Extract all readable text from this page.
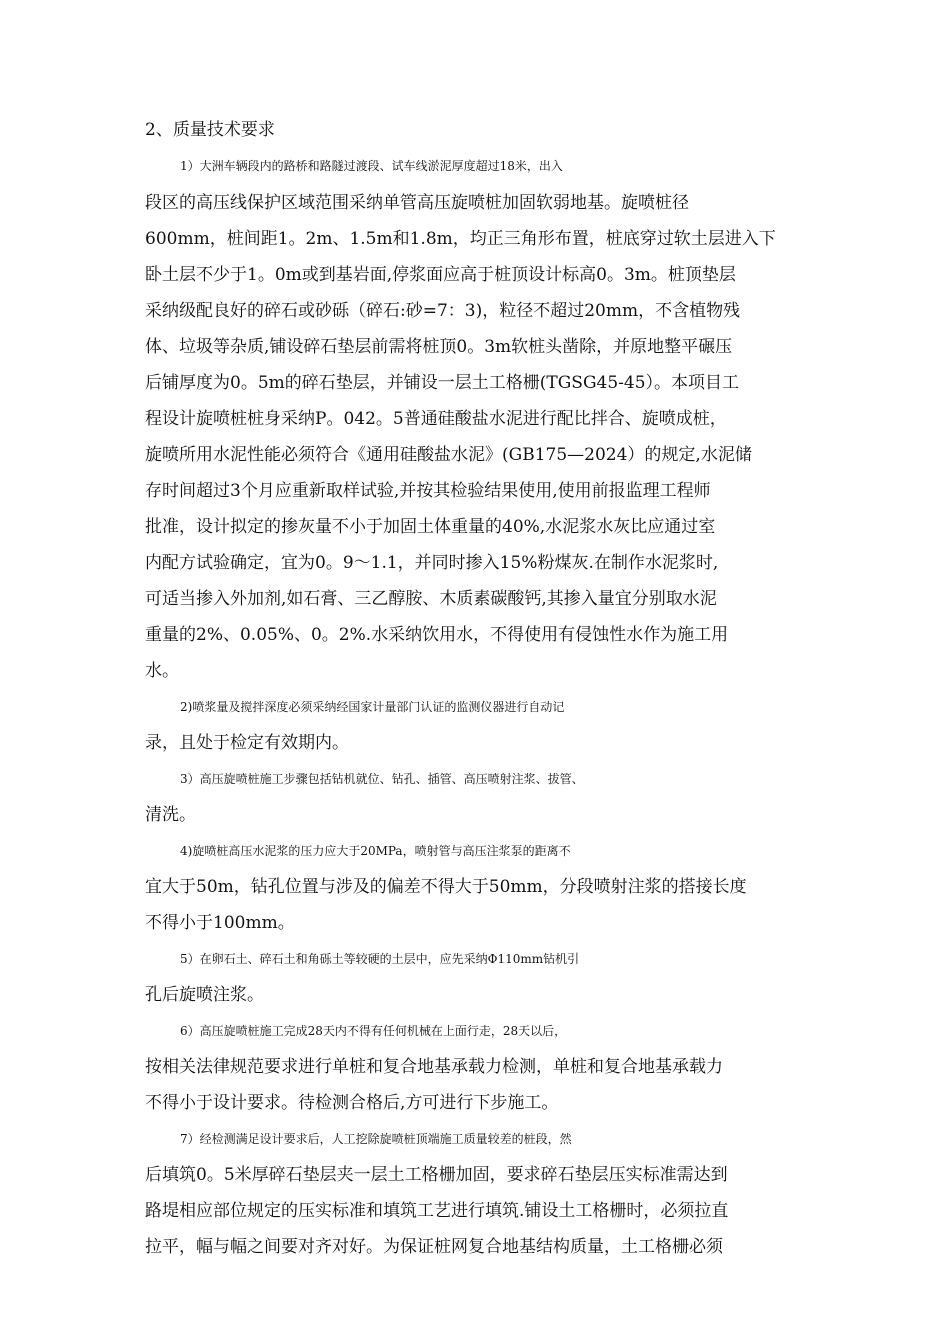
2、质量技术要求
1）大洲车辆段内的路桥和路隧过渡段、试车线淤泥厚度超过18米，出入
段区的高压线保护区域范围采纳单管高压旋喷桩加固软弱地基。旋喷桩径
600mm，桩间距1。2m、1.5m和1.8m，均正三角形布置，桩底穿过软土层进入下
卧土层不少于1。0m或到基岩面,停浆面应高于桩顶设计标高0。3m。桩顶垫层
采纳级配良好的碎石或砂砾（碎石:砂=7：3)，粒径不超过20mm，不含植物残
体、垃圾等杂质,铺设碎石垫层前需将桩顶0。3m软桩头凿除，并原地整平碾压
后铺厚度为0。5m的碎石垫层，并铺设一层土工格栅(TGSG45-45）。本项目工
程设计旋喷桩桩身采纳P。042。5普通硅酸盐水泥进行配比拌合、旋喷成桩，
旋喷所用水泥性能必须符合《通用硅酸盐水泥》(GB175—2024）的规定,水泥储
存时间超过3个月应重新取样试验,并按其检验结果使用,使用前报监理工程师
批准，设计拟定的掺灰量不小于加固土体重量的40%,水泥浆水灰比应通过室
内配方试验确定，宜为0。9～1.1，并同时掺入15%粉煤灰.在制作水泥浆时,
可适当掺入外加剂,如石膏、三乙醇胺、木质素碳酸钙,其掺入量宜分别取水泥
重量的2%、0.05%、0。2%.水采纳饮用水，不得使用有侵蚀性水作为施工用
水。
2)喷浆量及搅拌深度必须采纳经国家计量部门认证的监测仪器进行自动记
录，且处于检定有效期内。
3）高压旋喷桩施工步骤包括钻机就位、钻孔、插管、高压喷射注浆、拔管、
清洗。
4)旋喷桩高压水泥浆的压力应大于20MPa，喷射管与高压注浆泵的距离不
宜大于50m，钻孔位置与涉及的偏差不得大于50mm，分段喷射注浆的搭接长度
不得小于100mm。
5）在卵石土、碎石土和角砾土等较硬的土层中，应先采纳Φ110mm钻机引
孔后旋喷注浆。
6）高压旋喷桩施工完成28天内不得有任何机械在上面行走，28天以后，
按相关法律规范要求进行单桩和复合地基承载力检测，单桩和复合地基承载力
不得小于设计要求。待检测合格后,方可进行下步施工。
7）经检测满足设计要求后，人工挖除旋喷桩顶端施工质量较差的桩段，然
后填筑0。5米厚碎石垫层夹一层土工格栅加固，要求碎石垫层压实标准需达到
路堤相应部位规定的压实标准和填筑工艺进行填筑.铺设土工格栅时，必须拉直
拉平，幅与幅之间要对齐对好。为保证桩网复合地基结构质量，土工格栅必须
